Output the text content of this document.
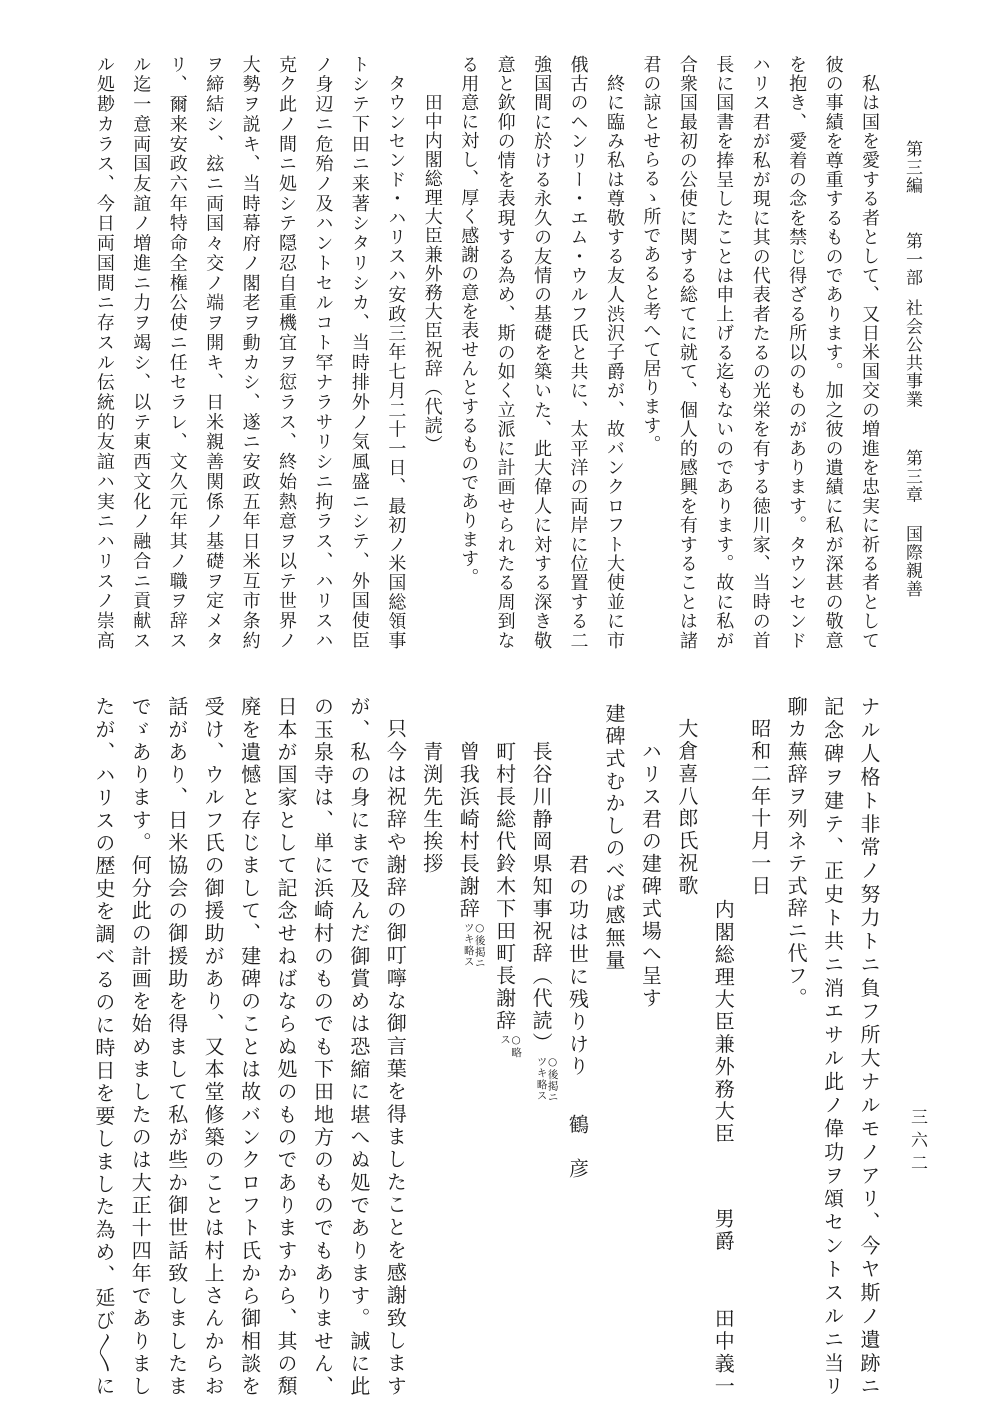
第三編第一部社会公共事業第三章国際親善
三六二
私は国を愛する者として、又日米国交の増進を忠実に祈る者として
彼の事績を尊重するものであります。加之彼の遺績に私が深甚の敬意
を抱き、愛着の念を禁じ得ざる所以のものがあります。タウンセンド
ハリス君が私が現に其の代表者たるの光栄を有する徳川家、当時の首
長に国書を捧呈したことは申上げる迄もないのであります。故に私が
合衆国最初の公使に関する総てに就て、個人的感興を有することは諸
君の諒とせらるゝ所であると考へて居ります。
終に臨み私は尊敬する友人渋沢子爵が、故バンクロフト大使並に市
俄古のヘンリー・エム・ウルフ氏と共に、太平洋の両岸に位置する二
強国間に於ける永久の友情の基礎を築いた、此大偉人に対する深き敬
意と欽仰の情を表現する為め、斯の如く立派に計画せられたる周到な
る用意に対し、厚く感謝の意を表せんとするものであります。
田中内閣総理大臣兼外務大臣祝辞（代読）
タウンセンド・ハリスハ安政三年七月二十一日、最初ノ米国総領事
トシテ下田ニ来著シタリシカ、当時排外ノ気風盛ニシテ、外国使臣
ノ身辺ニ危殆ノ及ハントセルコト罕ナラサリシニ拘ラス、ハリスハ
克ク此ノ間ニ処シテ隠忍自重機宜ヲ愆ラス、終始熱意ヲ以テ世界ノ
大勢ヲ説キ、当時幕府ノ閣老ヲ動カシ、遂ニ安政五年日米互市条約
ヲ締結シ、玆ニ両国々交ノ端ヲ開キ、日米親善関係ノ基礎ヲ定メタ
リ、爾来安政六年特命全権公使ニ任セラレ、文久元年其ノ職ヲ辞ス
ル迄一意両国友誼ノ増進ニ力ヲ竭シ、以テ東西文化ノ融合ニ貢献ス
ル処尠カラス、今日両国間ニ存スル伝統的友誼ハ実ニハリスノ崇高
ナル人格ト非常ノ努力トニ負フ所大ナルモノアリ、今ヤ斯ノ遺跡ニ
記念碑ヲ建テ、正史ト共ニ消エサル此ノ偉功ヲ頌セントスルニ当リ
聊カ蕪辞ヲ列ネテ式辞ニ代フ。
昭和二年十月一日
内閣総理大臣兼外務大臣男爵田中義一
大倉喜八郎氏祝歌
ハリス君の建碑式場へ呈す
建碑式むかしのべば感無量
君の功は世に残りけり鶴彦
長谷川静岡県知事祝辞（代読）
○後掲ニ
ツキ略ス
町村長総代鈴木下田町長謝辞
○略
ス
曾我浜崎村長謝辞
○後掲ニ
ツキ略ス
青渕先生挨拶
只今は祝辞や謝辞の御叮嚀な御言葉を得ましたことを感謝致します
が、私の身にまで及んだ御賞めは恐縮に堪へぬ処であります。誠に此
の玉泉寺は、単に浜崎村のものでも下田地方のものでもありません、
日本が国家として記念せねばならぬ処のものでありますから、其の頽
廃を遺憾と存じまして、建碑のことは故バンクロフト氏から御相談を
受け、ウルフ氏の御援助があり、又本堂修築のことは村上さんからお
話があり、日米協会の御援助を得まして私が些か御世話致しましたま
でゞあります。何分此の計画を始めましたのは大正十四年でありまし
たが、ハリスの歴史を調べるのに時日を要しました為め、延び〳〵に
